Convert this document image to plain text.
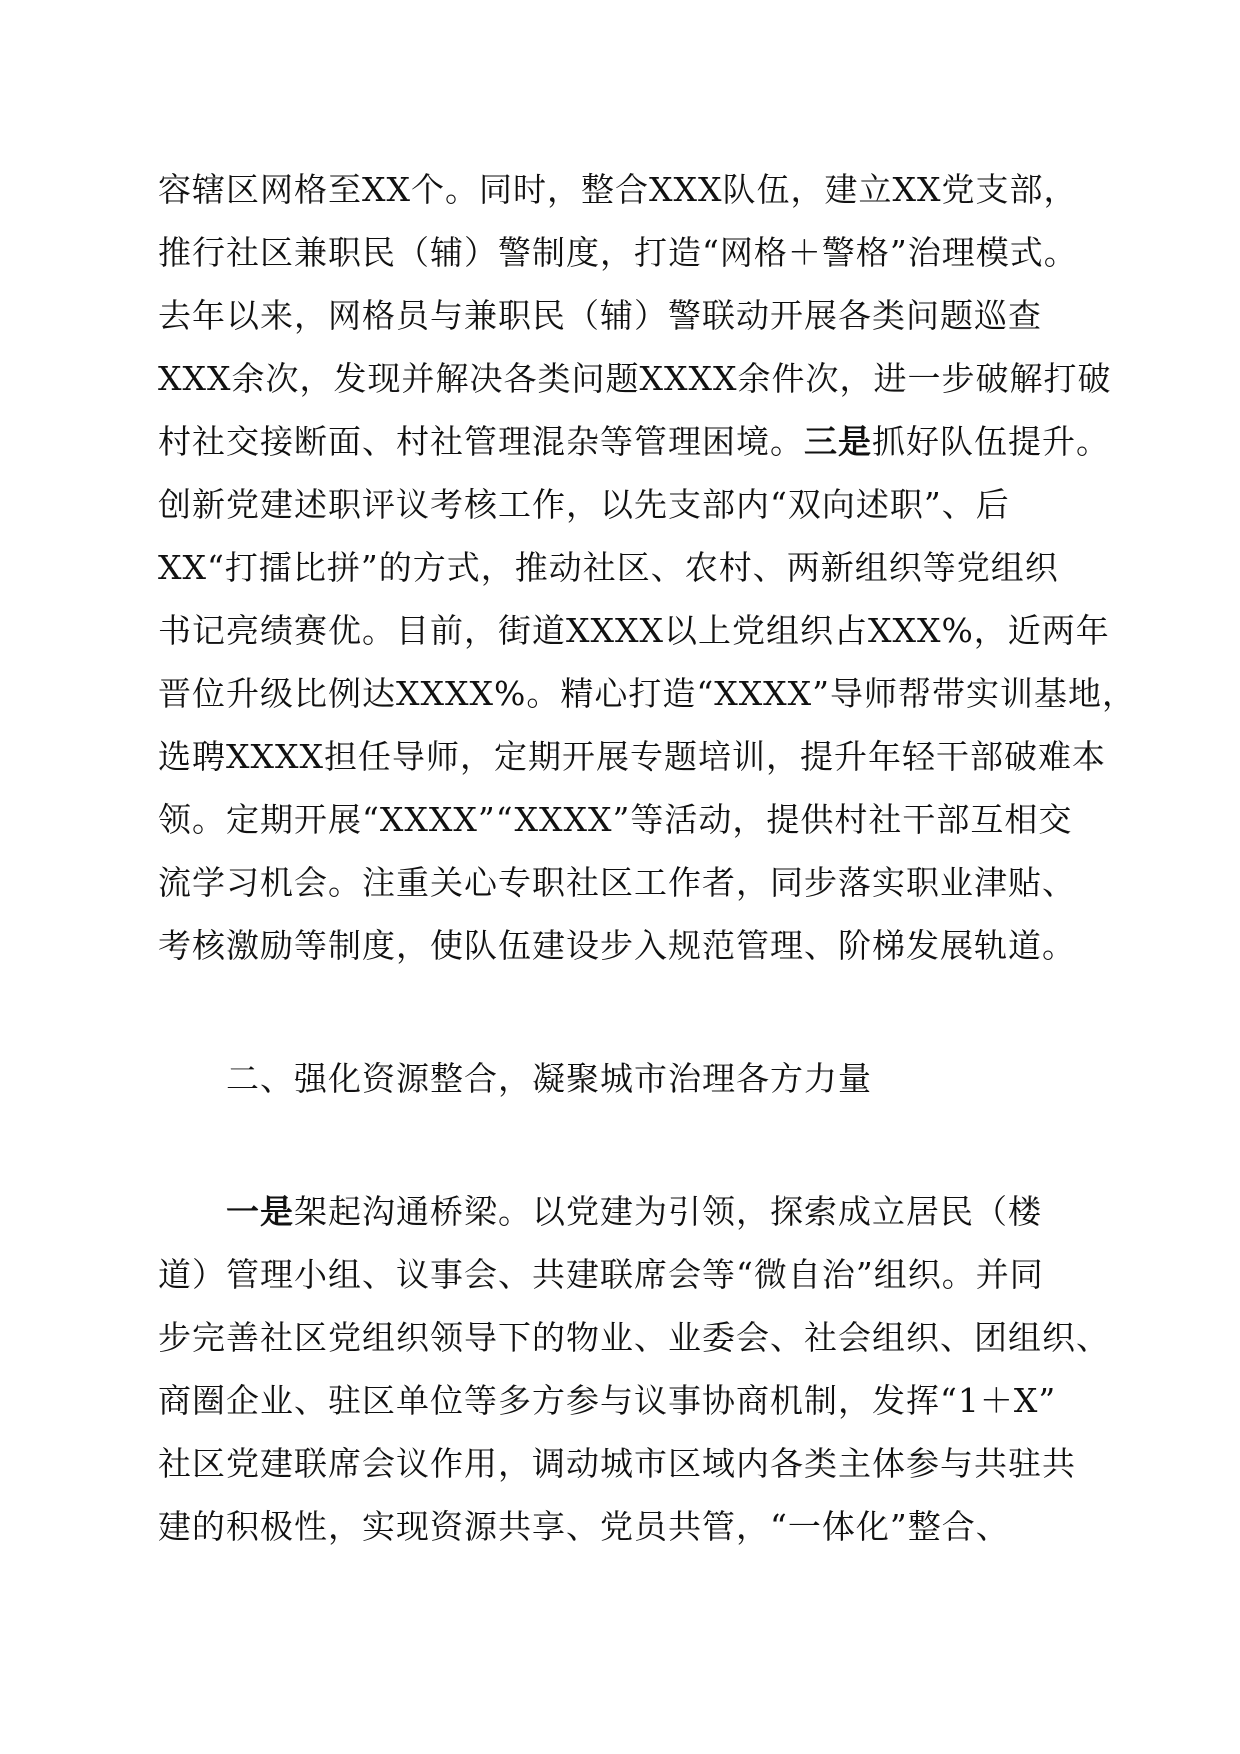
容辖区网格至XX个。同时，整合XXX队伍，建立XX党支部，
推行社区兼职民（辅）警制度，打造“网格＋警格”治理模式。
去年以来，网格员与兼职民（辅）警联动开展各类问题巡查
XXX余次，发现并解决各类问题XXXX余件次，进一步破解打破
村社交接断面、村社管理混杂等管理困境。三是抓好队伍提升。
创新党建述职评议考核工作，以先支部内“双向述职”、后
XX“打擂比拼”的方式，推动社区、农村、两新组织等党组织
书记亮绩赛优。目前，街道XXXX以上党组织占XXX%，近两年
晋位升级比例达XXXX%。精心打造“XXXX”导师帮带实训基地，
选聘XXXX担任导师，定期开展专题培训，提升年轻干部破难本
领。定期开展“XXXX”“XXXX”等活动，提供村社干部互相交
流学习机会。注重关心专职社区工作者，同步落实职业津贴、
考核激励等制度，使队伍建设步入规范管理、阶梯发展轨道。
二、强化资源整合，凝聚城市治理各方力量
一是架起沟通桥梁。以党建为引领，探索成立居民（楼
道）管理小组、议事会、共建联席会等“微自治”组织。并同
步完善社区党组织领导下的物业、业委会、社会组织、团组织、
商圈企业、驻区单位等多方参与议事协商机制，发挥“1＋X”
社区党建联席会议作用，调动城市区域内各类主体参与共驻共
建的积极性，实现资源共享、党员共管，“一体化”整合、
